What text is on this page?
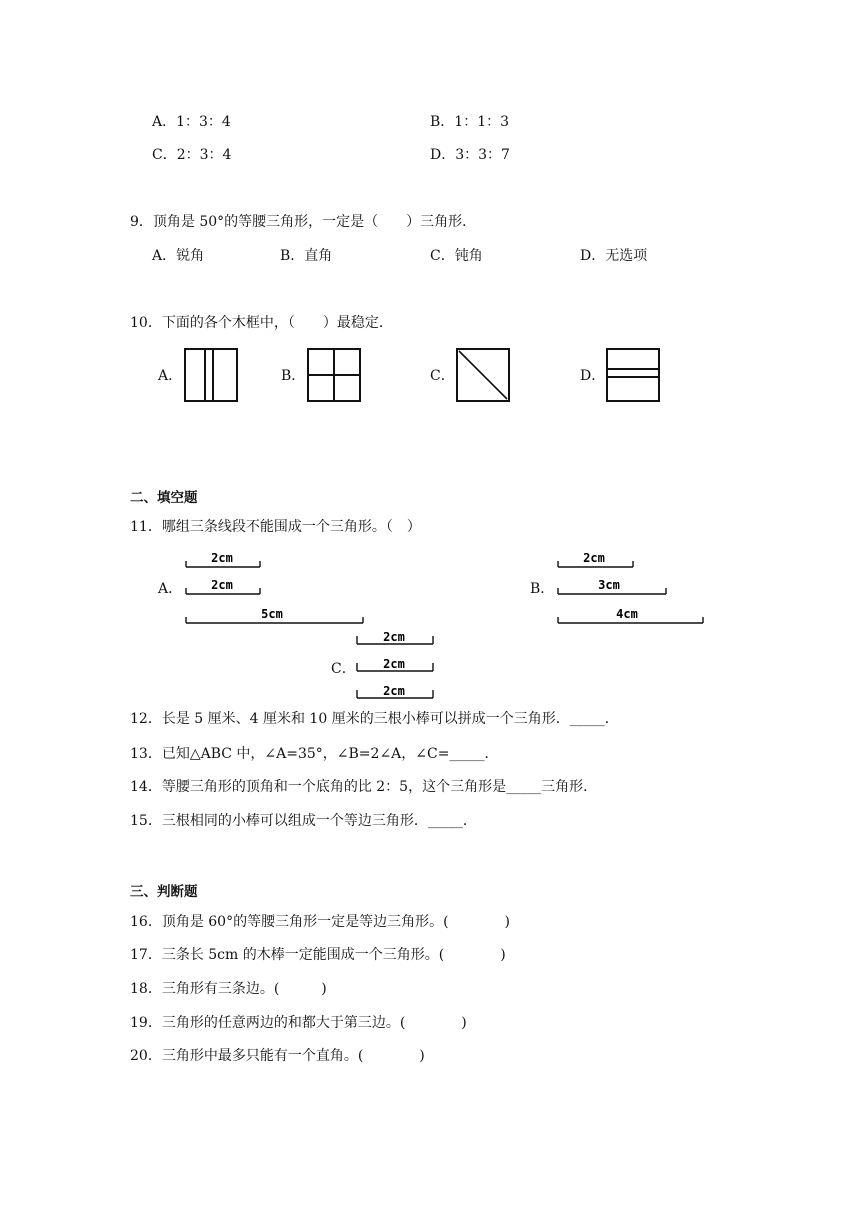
A．1：3：4	B．1：1：3
C．2：3：4	D．3：3：7
9．顶角是 50°的等腰三角形，一定是（　　）三角形．
A．锐角	B．直角	C．钝角	D．无选项
10．下面的各个木框中，（　　）最稳定．
A．	B．	C．	D．
二、填空题
11．哪组三条线段不能围成一个三角形。（　）
A．
2cm
2cm
5cm
B．
2cm
3cm
4cm
C．
2cm
2cm
2cm
12．长是 5 厘米、4 厘米和 10 厘米的三根小棒可以拼成一个三角形．_____．
13．已知△ABC 中，∠A=35°，∠B=2∠A，∠C=_____．
14．等腰三角形的顶角和一个底角的比 2：5，这个三角形是_____三角形．
15．三根相同的小棒可以组成一个等边三角形．_____．
三、判断题
16．顶角是 60°的等腰三角形一定是等边三角形。(　　　　)
17．三条长 5cm 的木棒一定能围成一个三角形。(　　　　)
18．三角形有三条边。(　　　)
19．三角形的任意两边的和都大于第三边。(　　　　)
20．三角形中最多只能有一个直角。(　　　　)
